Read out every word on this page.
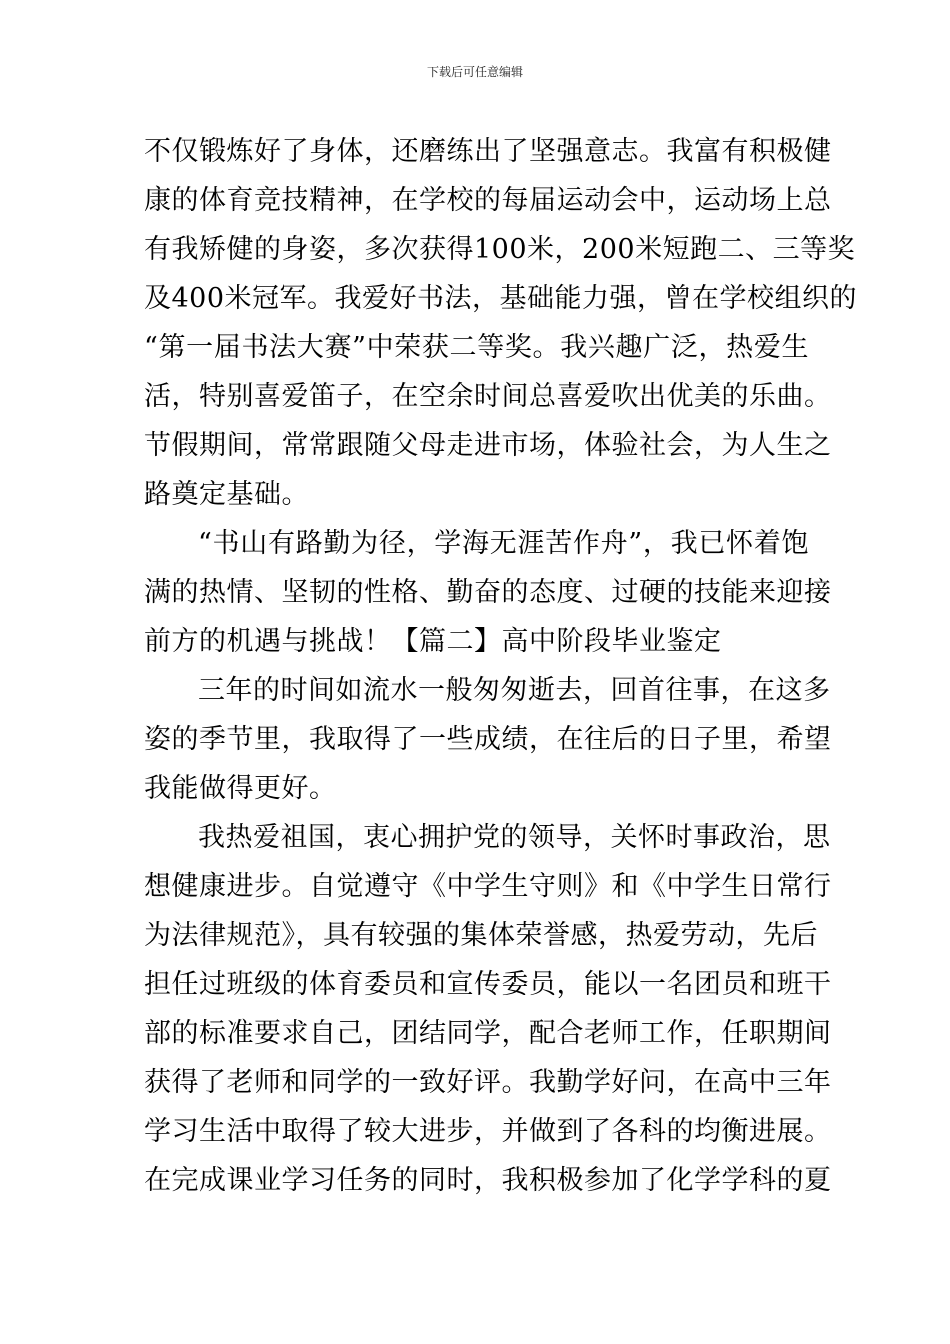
下载后可任意编辑
不仅锻炼好了身体，还磨练出了坚强意志。我富有积极健
康的体育竞技精神，在学校的每届运动会中，运动场上总
有我矫健的身姿，多次获得100米，200米短跑二、三等奖
及400米冠军。我爱好书法，基础能力强，曾在学校组织的
“第一届书法大赛”中荣获二等奖。我兴趣广泛，热爱生
活，特别喜爱笛子，在空余时间总喜爱吹出优美的乐曲。
节假期间，常常跟随父母走进市场，体验社会，为人生之
路奠定基础。
“书山有路勤为径，学海无涯苦作舟”，我已怀着饱
满的热情、坚韧的性格、勤奋的态度、过硬的技能来迎接
前方的机遇与挑战！【篇二】高中阶段毕业鉴定
三年的时间如流水一般匆匆逝去，回首往事，在这多
姿的季节里，我取得了一些成绩，在往后的日子里，希望
我能做得更好。
我热爱祖国，衷心拥护党的领导，关怀时事政治，思
想健康进步。自觉遵守《中学生守则》和《中学生日常行
为法律规范》，具有较强的集体荣誉感，热爱劳动，先后
担任过班级的体育委员和宣传委员，能以一名团员和班干
部的标准要求自己，团结同学，配合老师工作，任职期间
获得了老师和同学的一致好评。我勤学好问，在高中三年
学习生活中取得了较大进步，并做到了各科的均衡进展。
在完成课业学习任务的同时，我积极参加了化学学科的夏
